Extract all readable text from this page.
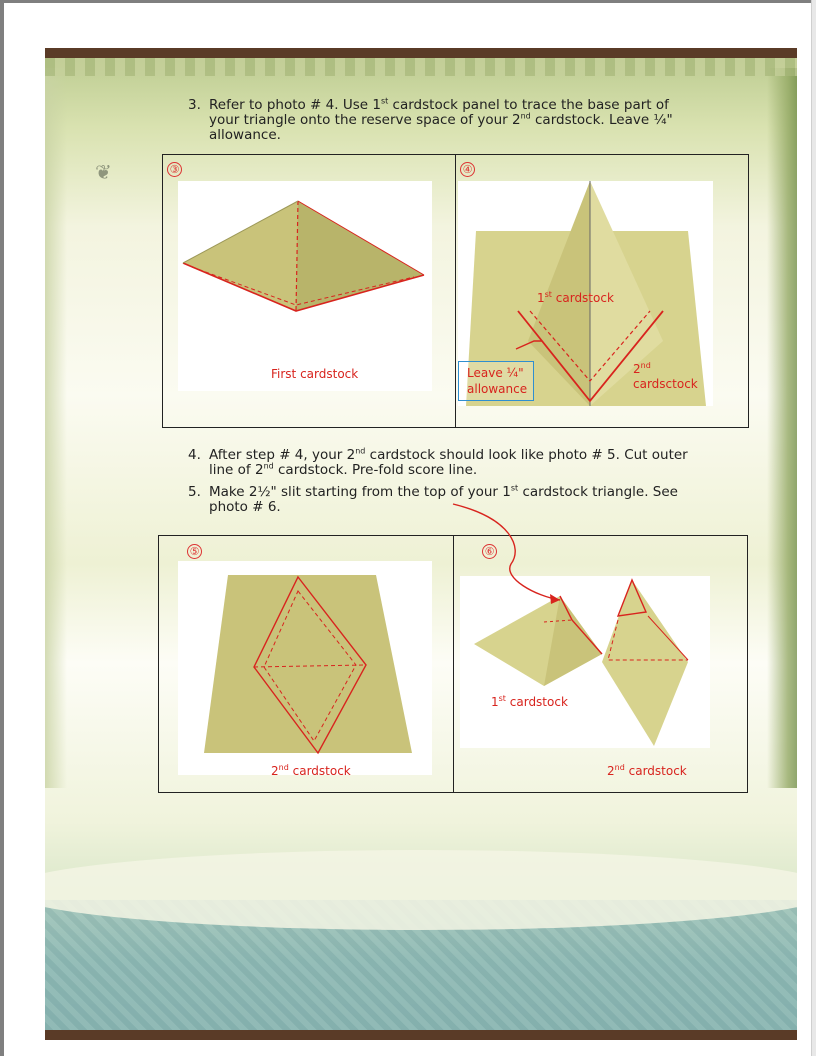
❦
3. Refer to photo # 4. Use 1st cardstock panel to trace the base part of
your triangle onto the reserve space of your 2nd cardstock. Leave ¼"
allowance.
③
First cardstock
④
1st cardstock
2nd
cardsctock
Leave ¼"
allowance
4. After step # 4, your 2nd cardstock should look like photo # 5. Cut outer
line of 2nd cardstock. Pre-fold score line.
5. Make 2½" slit starting from the top of your 1st cardstock triangle. See
photo # 6.
⑤
2nd cardstock
⑥
1st cardstock
2nd cardstock
